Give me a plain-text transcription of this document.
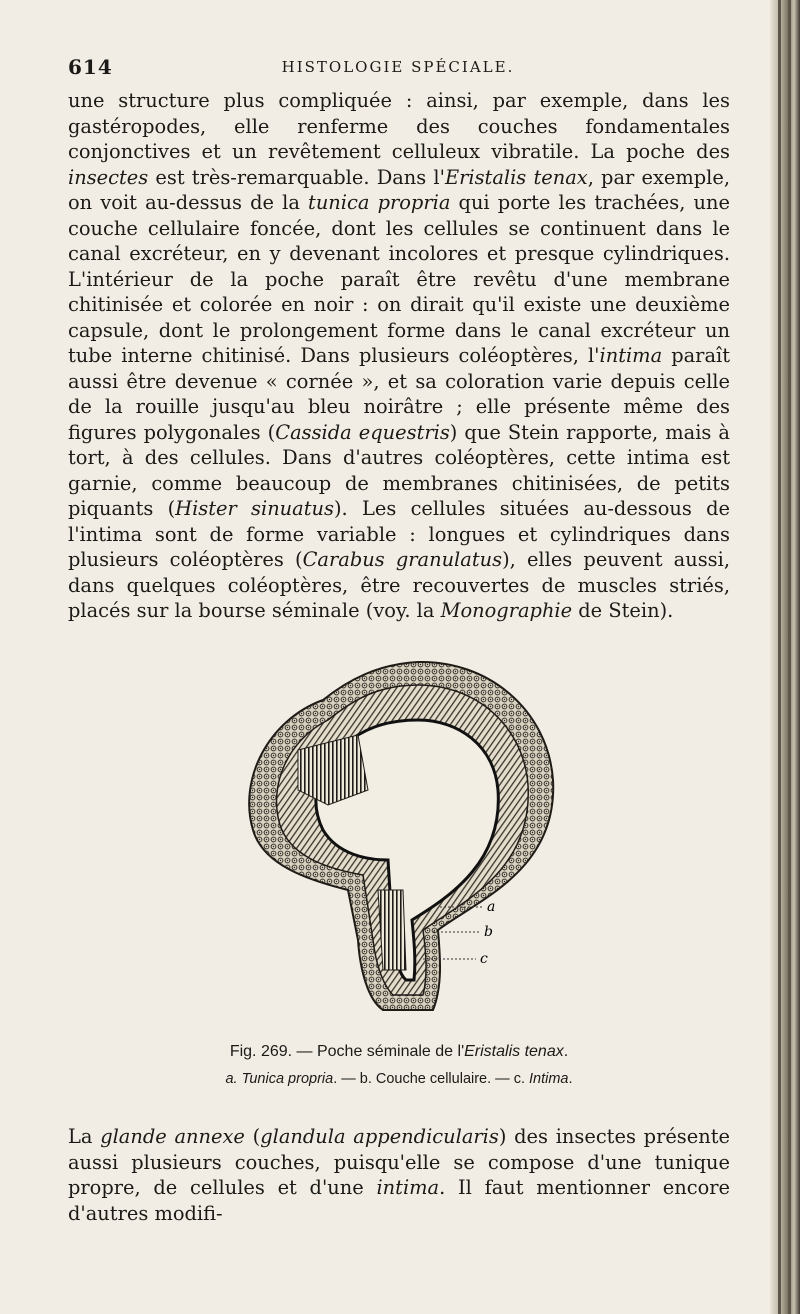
614	HISTOLOGIE SPÉCIALE.

une structure plus compliquée : ainsi, par exemple, dans les gastéropodes, elle renferme des couches fondamentales conjonctives et un revêtement celluleux vibratile. La poche des insectes est très-remarquable. Dans l'Eristalis tenax, par exemple, on voit au-dessus de la tunica propria qui porte les trachées, une couche cellulaire foncée, dont les cellules se continuent dans le canal excréteur, en y devenant incolores et presque cylindriques. L'intérieur de la poche paraît être revêtu d'une membrane chitinisée et colorée en noir : on dirait qu'il existe une deuxième capsule, dont le prolongement forme dans le canal excréteur un tube interne chitinisé. Dans plusieurs coléoptères, l'intima paraît aussi être devenue « cornée », et sa coloration varie depuis celle de la rouille jusqu'au bleu noirâtre ; elle présente même des figures polygonales (Cassida equestris) que Stein rapporte, mais à tort, à des cellules. Dans d'autres coléoptères, cette intima est garnie, comme beaucoup de membranes chitinisées, de petits piquants (Hister sinuatus). Les cellules situées au-dessous de l'intima sont de forme variable : longues et cylindriques dans plusieurs coléoptères (Carabus granulatus), elles peuvent aussi, dans quelques coléoptères, être recouvertes de muscles striés, placés sur la bourse séminale (voy. la Monographie de Stein).

a
b
c
Fig. 269. — Poche séminale de l'Eristalis tenax.
a. Tunica propria. — b. Couche cellulaire. — c. Intima.

La glande annexe (glandula appendicularis) des insectes présente aussi plusieurs couches, puisqu'elle se compose d'une tunique propre, de cellules et d'une intima. Il faut mentionner encore d'autres modifi-
